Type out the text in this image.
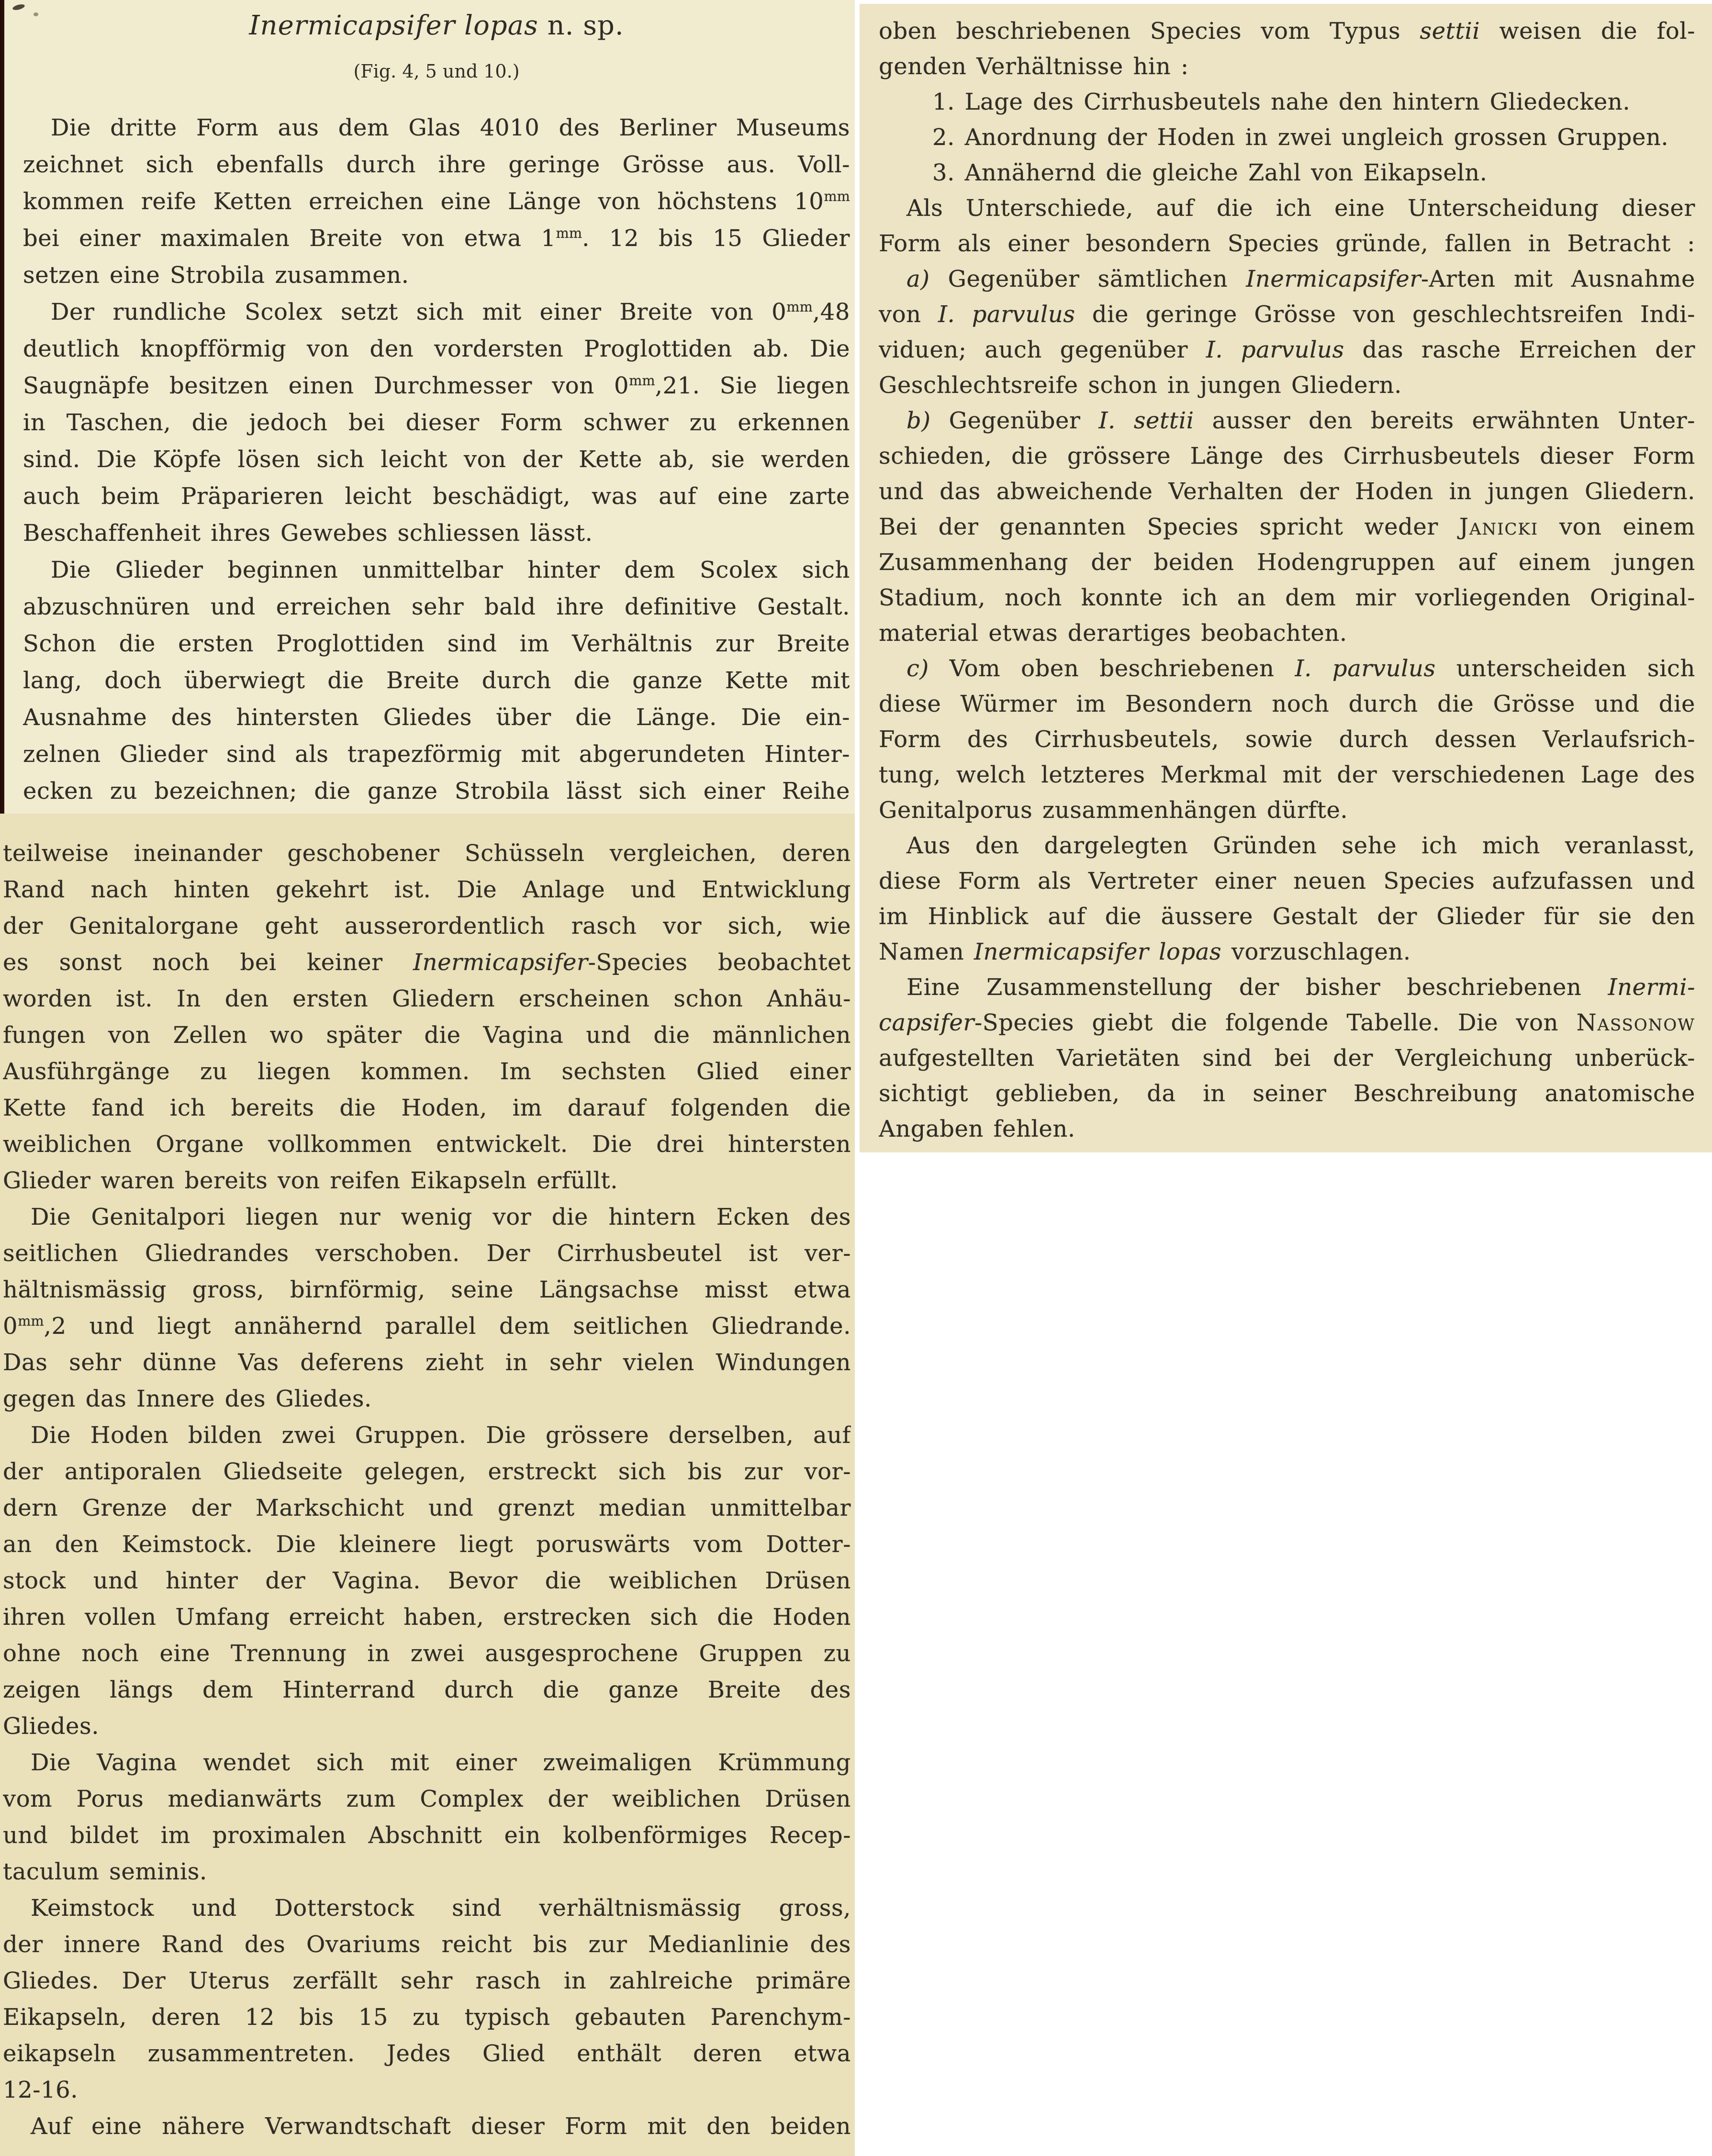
Inermicapsifer lopas n. sp.
(Fig. 4, 5 und 10.)
Die dritte Form aus dem Glas 4010 des Berliner Museums
zeichnet sich ebenfalls durch ihre geringe Grösse aus. Voll-
kommen reife Ketten erreichen eine Länge von höchstens $10^{mm}$
bei einer maximalen Breite von etwa $1^{mm}$. 12 bis 15 Glieder
setzen eine Strobila zusammen.
Der rundliche Scolex setzt sich mit einer Breite von $0^{mm},48$
deutlich knopfförmig von den vordersten Proglottiden ab. Die
Saugnäpfe besitzen einen Durchmesser von $0^{mm},21$. Sie liegen
in Taschen, die jedoch bei dieser Form schwer zu erkennen
sind. Die Köpfe lösen sich leicht von der Kette ab, sie werden
auch beim Präparieren leicht beschädigt, was auf eine zarte
Beschaffenheit ihres Gewebes schliessen lässt.
Die Glieder beginnen unmittelbar hinter dem Scolex sich
abzuschnüren und erreichen sehr bald ihre definitive Gestalt.
Schon die ersten Proglottiden sind im Verhältnis zur Breite
lang, doch überwiegt die Breite durch die ganze Kette mit
Ausnahme des hintersten Gliedes über die Länge. Die ein-
zelnen Glieder sind als trapezförmig mit abgerundeten Hinter-
ecken zu bezeichnen; die ganze Strobila lässt sich einer Reihe
teilweise ineinander geschobener Schüsseln vergleichen, deren
Rand nach hinten gekehrt ist. Die Anlage und Entwicklung
der Genitalorgane geht ausserordentlich rasch vor sich, wie
es sonst noch bei keiner Inermicapsifer-Species beobachtet
worden ist. In den ersten Gliedern erscheinen schon Anhäu-
fungen von Zellen wo später die Vagina und die männlichen
Ausführgänge zu liegen kommen. Im sechsten Glied einer
Kette fand ich bereits die Hoden, im darauf folgenden die
weiblichen Organe vollkommen entwickelt. Die drei hintersten
Glieder waren bereits von reifen Eikapseln erfüllt.
Die Genitalpori liegen nur wenig vor die hintern Ecken des
seitlichen Gliedrandes verschoben. Der Cirrhusbeutel ist ver-
hältnismässig gross, birnförmig, seine Längsachse misst etwa
$0^{mm},2$ und liegt annähernd parallel dem seitlichen Gliedrande.
Das sehr dünne Vas deferens zieht in sehr vielen Windungen
gegen das Innere des Gliedes.
Die Hoden bilden zwei Gruppen. Die grössere derselben, auf
der antiporalen Gliedseite gelegen, erstreckt sich bis zur vor-
dern Grenze der Markschicht und grenzt median unmittelbar
an den Keimstock. Die kleinere liegt poruswärts vom Dotter-
stock und hinter der Vagina. Bevor die weiblichen Drüsen
ihren vollen Umfang erreicht haben, erstrecken sich die Hoden
ohne noch eine Trennung in zwei ausgesprochene Gruppen zu
zeigen längs dem Hinterrand durch die ganze Breite des
Gliedes.
Die Vagina wendet sich mit einer zweimaligen Krümmung
vom Porus medianwärts zum Complex der weiblichen Drüsen
und bildet im proximalen Abschnitt ein kolbenförmiges Recep-
taculum seminis.
Keimstock und Dotterstock sind verhältnismässig gross,
der innere Rand des Ovariums reicht bis zur Medianlinie des
Gliedes. Der Uterus zerfällt sehr rasch in zahlreiche primäre
Eikapseln, deren 12 bis 15 zu typisch gebauten Parenchym-
eikapseln zusammentreten. Jedes Glied enthält deren etwa
12-16.
Auf eine nähere Verwandtschaft dieser Form mit den beiden
oben beschriebenen Species vom Typus settii weisen die fol-
genden Verhältnisse hin :
1. Lage des Cirrhusbeutels nahe den hintern Gliedecken.
2. Anordnung der Hoden in zwei ungleich grossen Gruppen.
3. Annähernd die gleiche Zahl von Eikapseln.
Als Unterschiede, auf die ich eine Unterscheidung dieser
Form als einer besondern Species gründe, fallen in Betracht :
a) Gegenüber sämtlichen Inermicapsifer-Arten mit Ausnahme
von I. parvulus die geringe Grösse von geschlechtsreifen Indi-
viduen; auch gegenüber I. parvulus das rasche Erreichen der
Geschlechtsreife schon in jungen Gliedern.
b) Gegenüber I. settii ausser den bereits erwähnten Unter-
schieden, die grössere Länge des Cirrhusbeutels dieser Form
und das abweichende Verhalten der Hoden in jungen Gliedern.
Bei der genannten Species spricht weder Janicki von einem
Zusammenhang der beiden Hodengruppen auf einem jungen
Stadium, noch konnte ich an dem mir vorliegenden Original-
material etwas derartiges beobachten.
c) Vom oben beschriebenen I. parvulus unterscheiden sich
diese Würmer im Besondern noch durch die Grösse und die
Form des Cirrhusbeutels, sowie durch dessen Verlaufsrich-
tung, welch letzteres Merkmal mit der verschiedenen Lage des
Genitalporus zusammenhängen dürfte.
Aus den dargelegten Gründen sehe ich mich veranlasst,
diese Form als Vertreter einer neuen Species aufzufassen und
im Hinblick auf die äussere Gestalt der Glieder für sie den
Namen Inermicapsifer lopas vorzuschlagen.
Eine Zusammenstellung der bisher beschriebenen Inermi-
capsifer-Species giebt die folgende Tabelle. Die von Nassonow
aufgestellten Varietäten sind bei der Vergleichung unberück-
sichtigt geblieben, da in seiner Beschreibung anatomische
Angaben fehlen.
